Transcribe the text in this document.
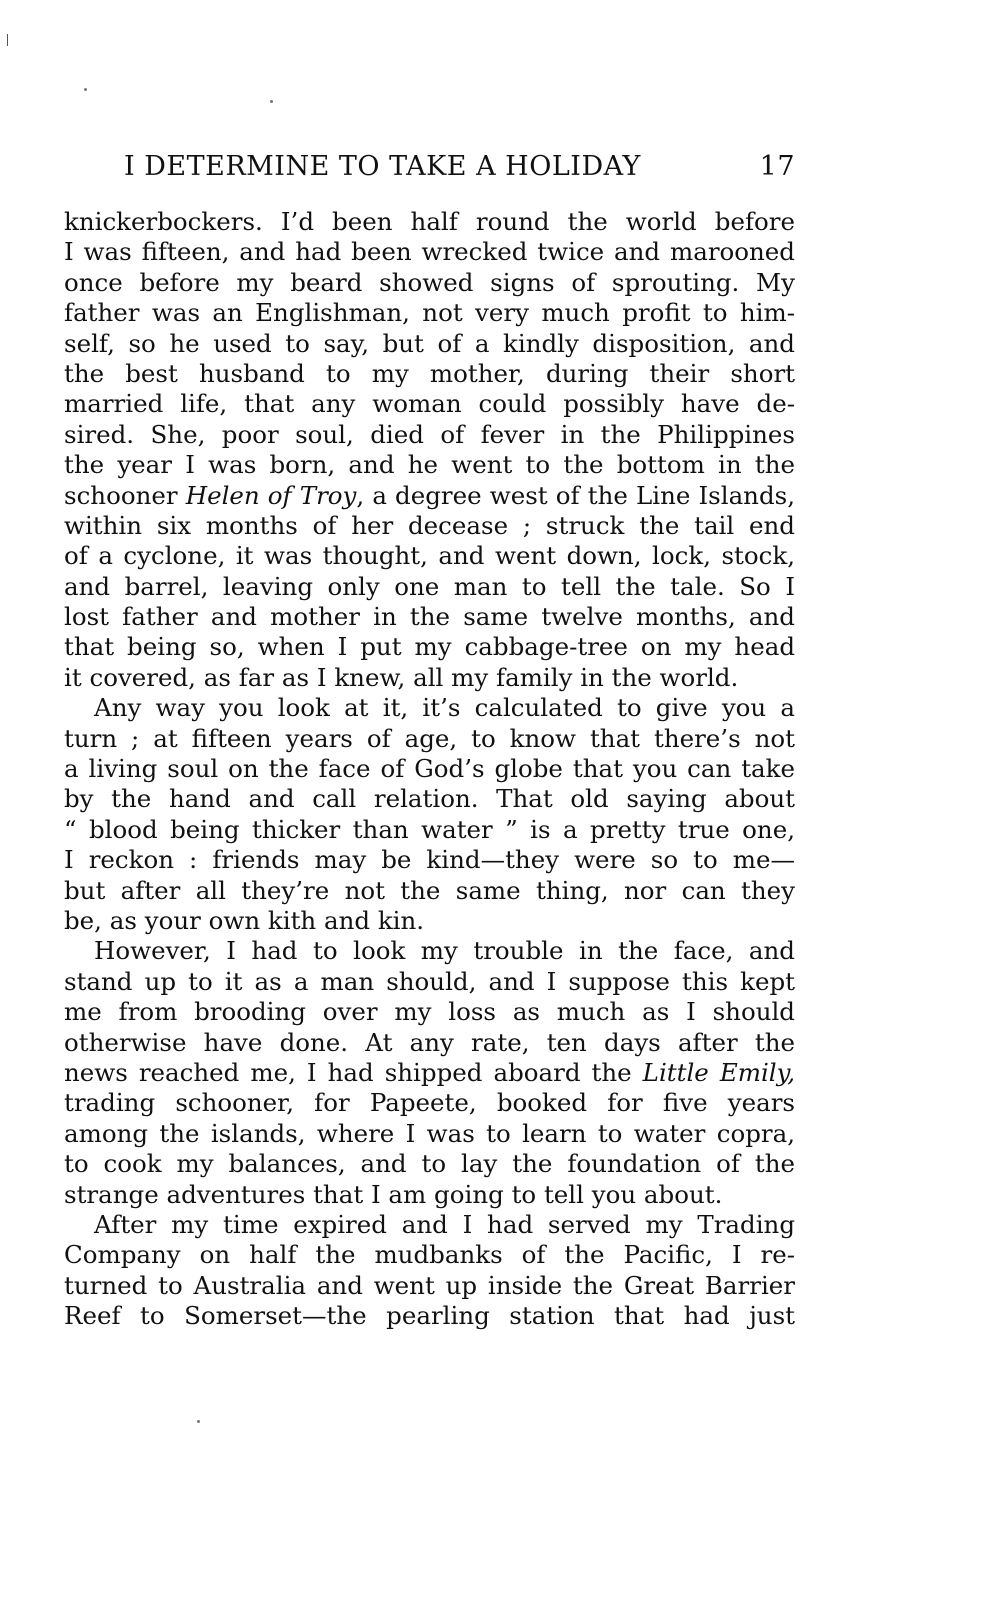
I DETERMINE TO TAKE A HOLIDAY	17
knickerbockers. I’d been half round the world before
I was fifteen, and had been wrecked twice and marooned
once before my beard showed signs of sprouting. My
father was an Englishman, not very much profit to him-
self, so he used to say, but of a kindly disposition, and
the best husband to my mother, during their short
married life, that any woman could possibly have de-
sired. She, poor soul, died of fever in the Philippines
the year I was born, and he went to the bottom in the
schooner Helen of Troy, a degree west of the Line Islands,
within six months of her decease ; struck the tail end
of a cyclone, it was thought, and went down, lock, stock,
and barrel, leaving only one man to tell the tale. So I
lost father and mother in the same twelve months, and
that being so, when I put my cabbage-tree on my head
it covered, as far as I knew, all my family in the world.
Any way you look at it, it’s calculated to give you a
turn ; at fifteen years of age, to know that there’s not
a living soul on the face of God’s globe that you can take
by the hand and call relation. That old saying about
“ blood being thicker than water ” is a pretty true one,
I reckon : friends may be kind—they were so to me—
but after all they’re not the same thing, nor can they
be, as your own kith and kin.
However, I had to look my trouble in the face, and
stand up to it as a man should, and I suppose this kept
me from brooding over my loss as much as I should
otherwise have done. At any rate, ten days after the
news reached me, I had shipped aboard the Little Emily,
trading schooner, for Papeete, booked for five years
among the islands, where I was to learn to water copra,
to cook my balances, and to lay the foundation of the
strange adventures that I am going to tell you about.
After my time expired and I had served my Trading
Company on half the mudbanks of the Pacific, I re-
turned to Australia and went up inside the Great Barrier
Reef to Somerset—the pearling station that had just
